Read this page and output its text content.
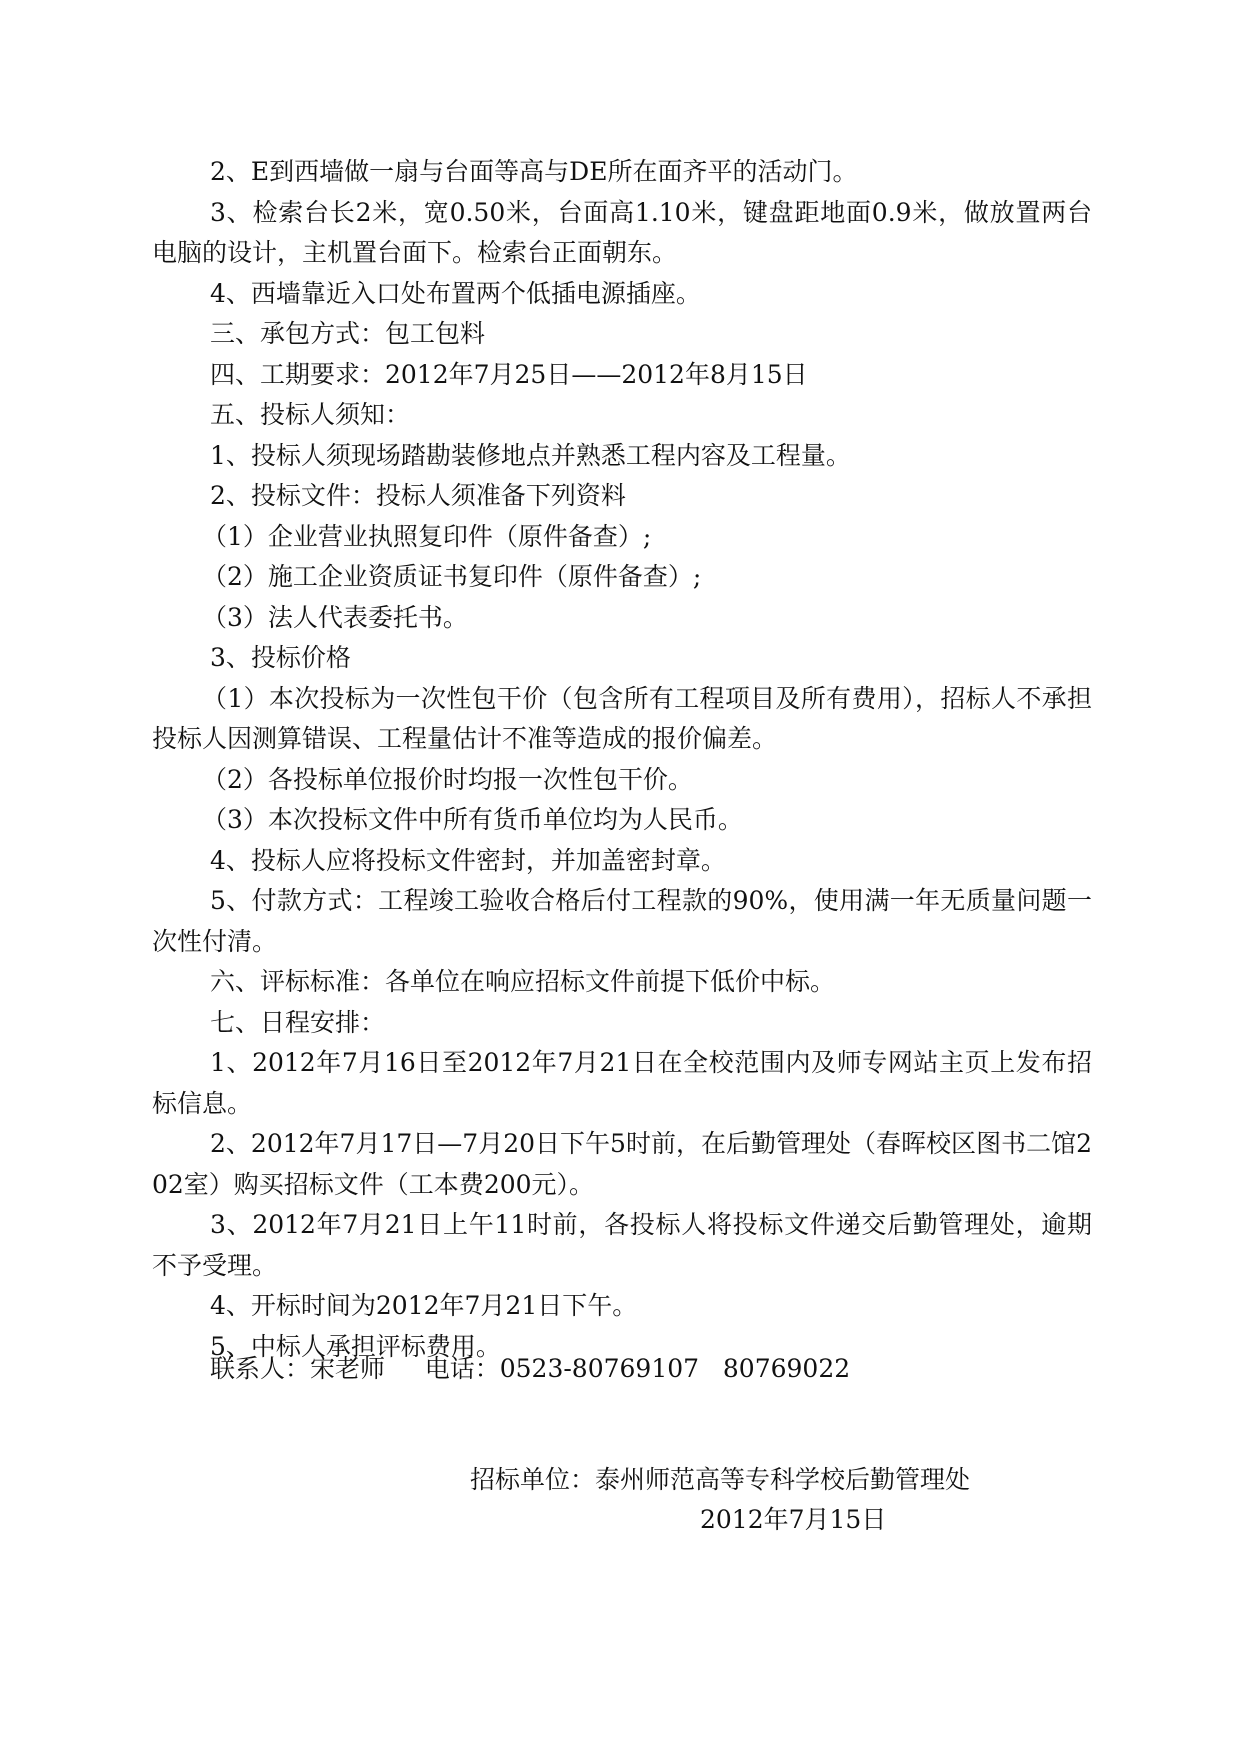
2、E到西墙做一扇与台面等高与DE所在面齐平的活动门。

3、检索台长2米，宽0.50米，台面高1.10米，键盘距地面0.9米，做放置两台电脑的设计，主机置台面下。检索台正面朝东。

4、西墙靠近入口处布置两个低插电源插座。

三、承包方式：包工包料

四、工期要求：2012年7月25日——2012年8月15日

五、投标人须知：

1、投标人须现场踏勘装修地点并熟悉工程内容及工程量。

2、投标文件：投标人须准备下列资料

（1）企业营业执照复印件（原件备查）;

（2）施工企业资质证书复印件（原件备查）;

（3）法人代表委托书。

3、投标价格

（1）本次投标为一次性包干价（包含所有工程项目及所有费用），招标人不承担投标人因测算错误、工程量估计不准等造成的报价偏差。

（2）各投标单位报价时均报一次性包干价。

（3）本次投标文件中所有货币单位均为人民币。

4、投标人应将投标文件密封，并加盖密封章。

5、付款方式：工程竣工验收合格后付工程款的90%，使用满一年无质量问题一次性付清。

六、评标标准：各单位在响应招标文件前提下低价中标。

七、日程安排：

1、2012年7月16日至2012年7月21日在全校范围内及师专网站主页上发布招标信息。

2、2012年7月17日—7月20日下午5时前，在后勤管理处（春晖校区图书二馆202室）购买招标文件（工本费200元）。

3、2012年7月21日上午11时前，各投标人将投标文件递交后勤管理处，逾期不予受理。

4、开标时间为2012年7月21日下午。

5、中标人承担评标费用。

联系人：宋老师     电话：0523-80769107   80769022
招标单位：泰州师范高等专科学校后勤管理处
2012年7月15日
